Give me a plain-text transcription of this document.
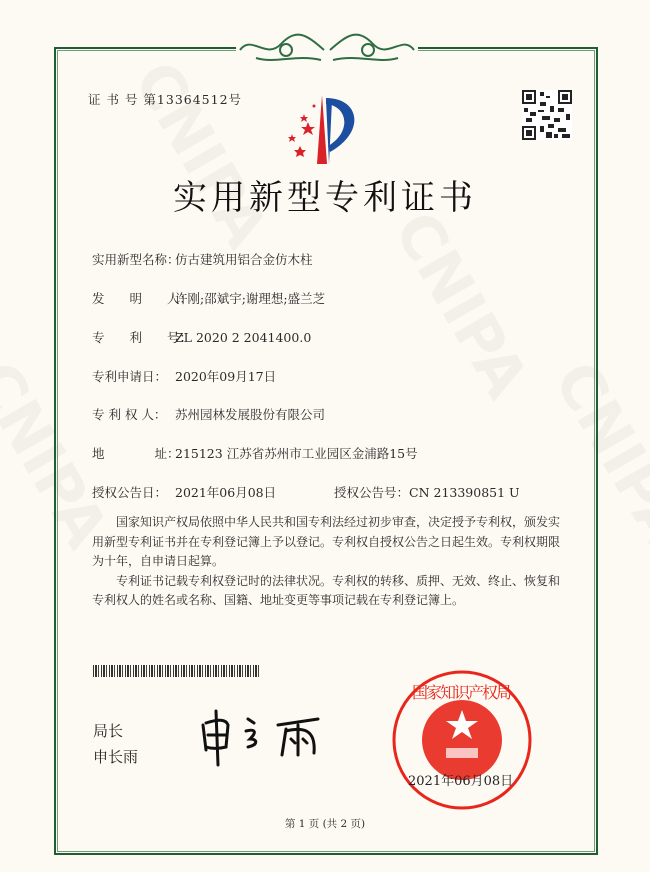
证 书 号 第13364512号
实用新型专利证书
实用新型名称：仿古建筑用铝合金仿木柱
发　　明　　人：许刚;邵斌宇;谢理想;盛兰芝
专　　利　　号：ZL 2020 2 2041400.0
专利申请日： 2020年09月17日
专 利 权 人： 苏州园林发展股份有限公司
地　　　　址：215123 江苏省苏州市工业园区金浦路15号
授权公告日： 2021年06月08日	授权公告号：CN 213390851 U

国家知识产权局依照中华人民共和国专利法经过初步审查，决定授予专利权，颁发实用新型专利证书并在专利登记簿上予以登记。专利权自授权公告之日起生效。专利权期限为十年，自申请日起算。

专利证书记载专利权登记时的法律状况。专利权的转移、质押、无效、终止、恢复和专利权人的姓名或名称、国籍、地址变更等事项记载在专利登记簿上。

局长
申长雨
国家知识产权局
2021年06月08日
第 1 页 (共 2 页)
